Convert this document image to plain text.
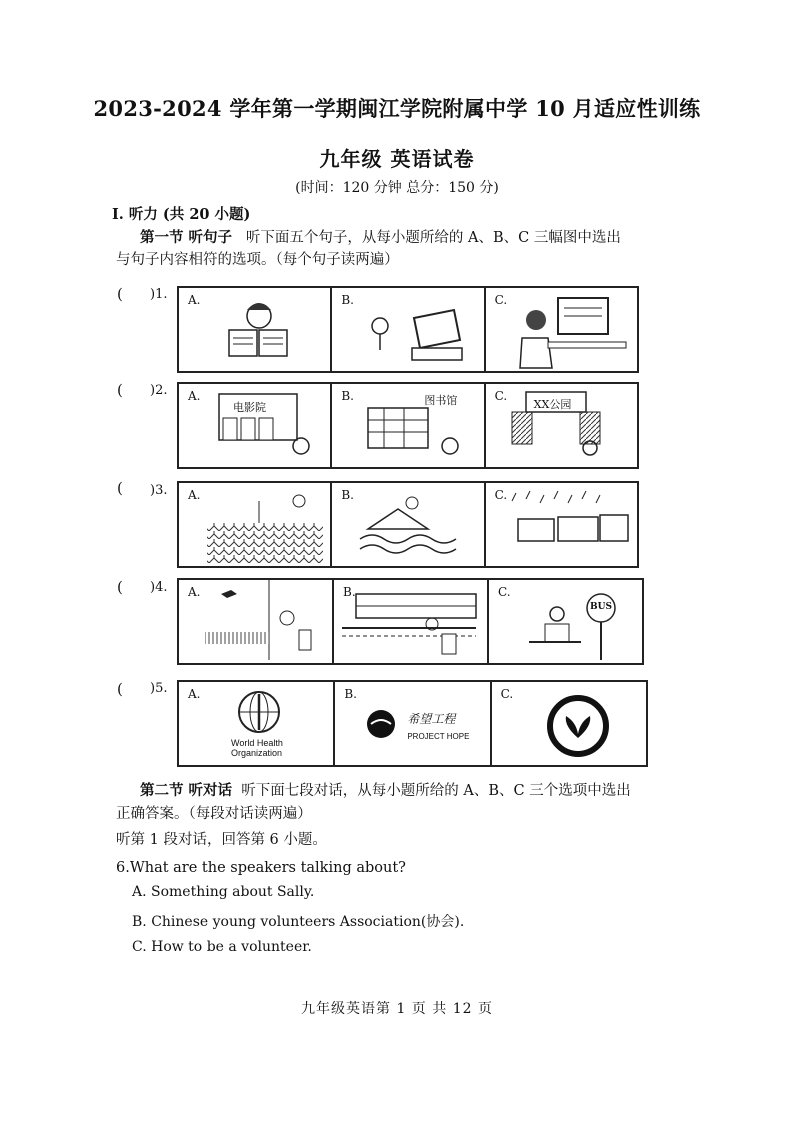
2023-2024 学年第一学期闽江学院附属中学 10 月适应性训练
九年级 英语试卷
(时间：120 分钟 总分：150 分)
I. 听力 (共 20 小题)
第一节 听句子 听下面五个句子，从每小题所给的 A、B、C 三幅图中选出
与句子内容相符的选项。（每个句子读两遍）
( )1. A.	B.	C.
( )2. A.
电影院
B.	图书馆	C.
XX公园
( )3. A.	B.	C.
( )4. A.	B.	C.
BUS
( )5. A.
World Health Organization
B.
希望工程
PROJECT HOPE
C.
第二节 听对话 听下面七段对话，从每小题所给的 A、B、C 三个选项中选出
正确答案。（每段对话读两遍）
听第 1 段对话，回答第 6 小题。
6.What are the speakers talking about?
A. Something about Sally.
B. Chinese young volunteers Association(协会).
C. How to be a volunteer.
九年级英语第 1 页 共 12 页
